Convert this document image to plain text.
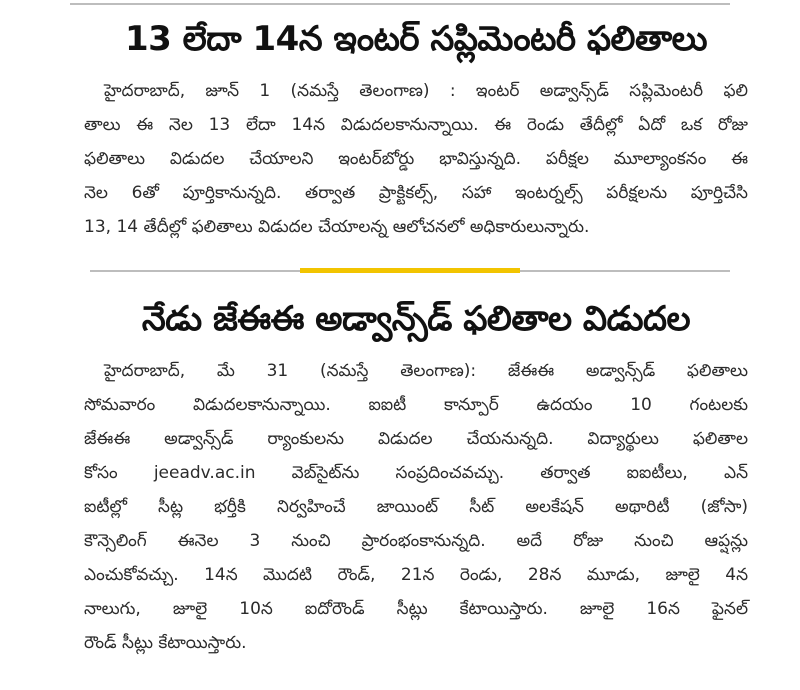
13 లేదా 14న ఇంటర్ సప్లిమెంటరీ ఫలితాలు
హైదరాబాద్, జూన్ 1 (నమస్తే తెలంగాణ) : ఇంటర్ అడ్వాన్స్‌డ్ సప్లిమెంటరీ ఫలి
తాలు ఈ నెల 13 లేదా 14న విడుదలకానున్నాయి. ఈ రెండు తేదీల్లో ఏదో ఒక రోజు
ఫలితాలు విడుదల చేయాలని ఇంటర్‌బోర్డు భావిస్తున్నది. పరీక్షల మూల్యాంకనం ఈ
నెల 6తో పూర్తికానున్నది. తర్వాత ప్రాక్టికల్స్, సహా ఇంటర్నల్స్ పరీక్షలను పూర్తిచేసి
13, 14 తేదీల్లో ఫలితాలు విడుదల చేయాలన్న ఆలోచనలో అధికారులున్నారు.
నేడు జేఈఈ అడ్వాన్స్‌డ్ ఫలితాల విడుదల
హైదరాబాద్, మే 31 (నమస్తే తెలంగాణ): జేఈఈ అడ్వాన్స్‌డ్ ఫలితాలు
సోమవారం విడుదలకానున్నాయి. ఐఐటీ కాన్పూర్ ఉదయం 10 గంటలకు
జేఈఈ అడ్వాన్స్‌డ్ ర్యాంకులను విడుదల చేయనున్నది. విద్యార్థులు ఫలితాల
కోసం jeeadv.ac.in వెబ్‌సైట్‌ను సంప్రదించవచ్చు. తర్వాత ఐఐటీలు, ఎన్
ఐటీల్లో సీట్ల భర్తీకి నిర్వహించే జాయింట్ సీట్ అలకేషన్ అథారిటీ (జోసా)
కౌన్సెలింగ్ ఈనెల 3 నుంచి ప్రారంభంకానున్నది. అదే రోజు నుంచి ఆప్షన్లు
ఎంచుకోవచ్చు. 14న మొదటి రౌండ్, 21న రెండు, 28న మూడు, జూలై 4న
నాలుగు, జూలై 10న ఐదోరౌండ్ సీట్లు కేటాయిస్తారు. జూలై 16న ఫైనల్
రౌండ్ సీట్లు కేటాయిస్తారు.
